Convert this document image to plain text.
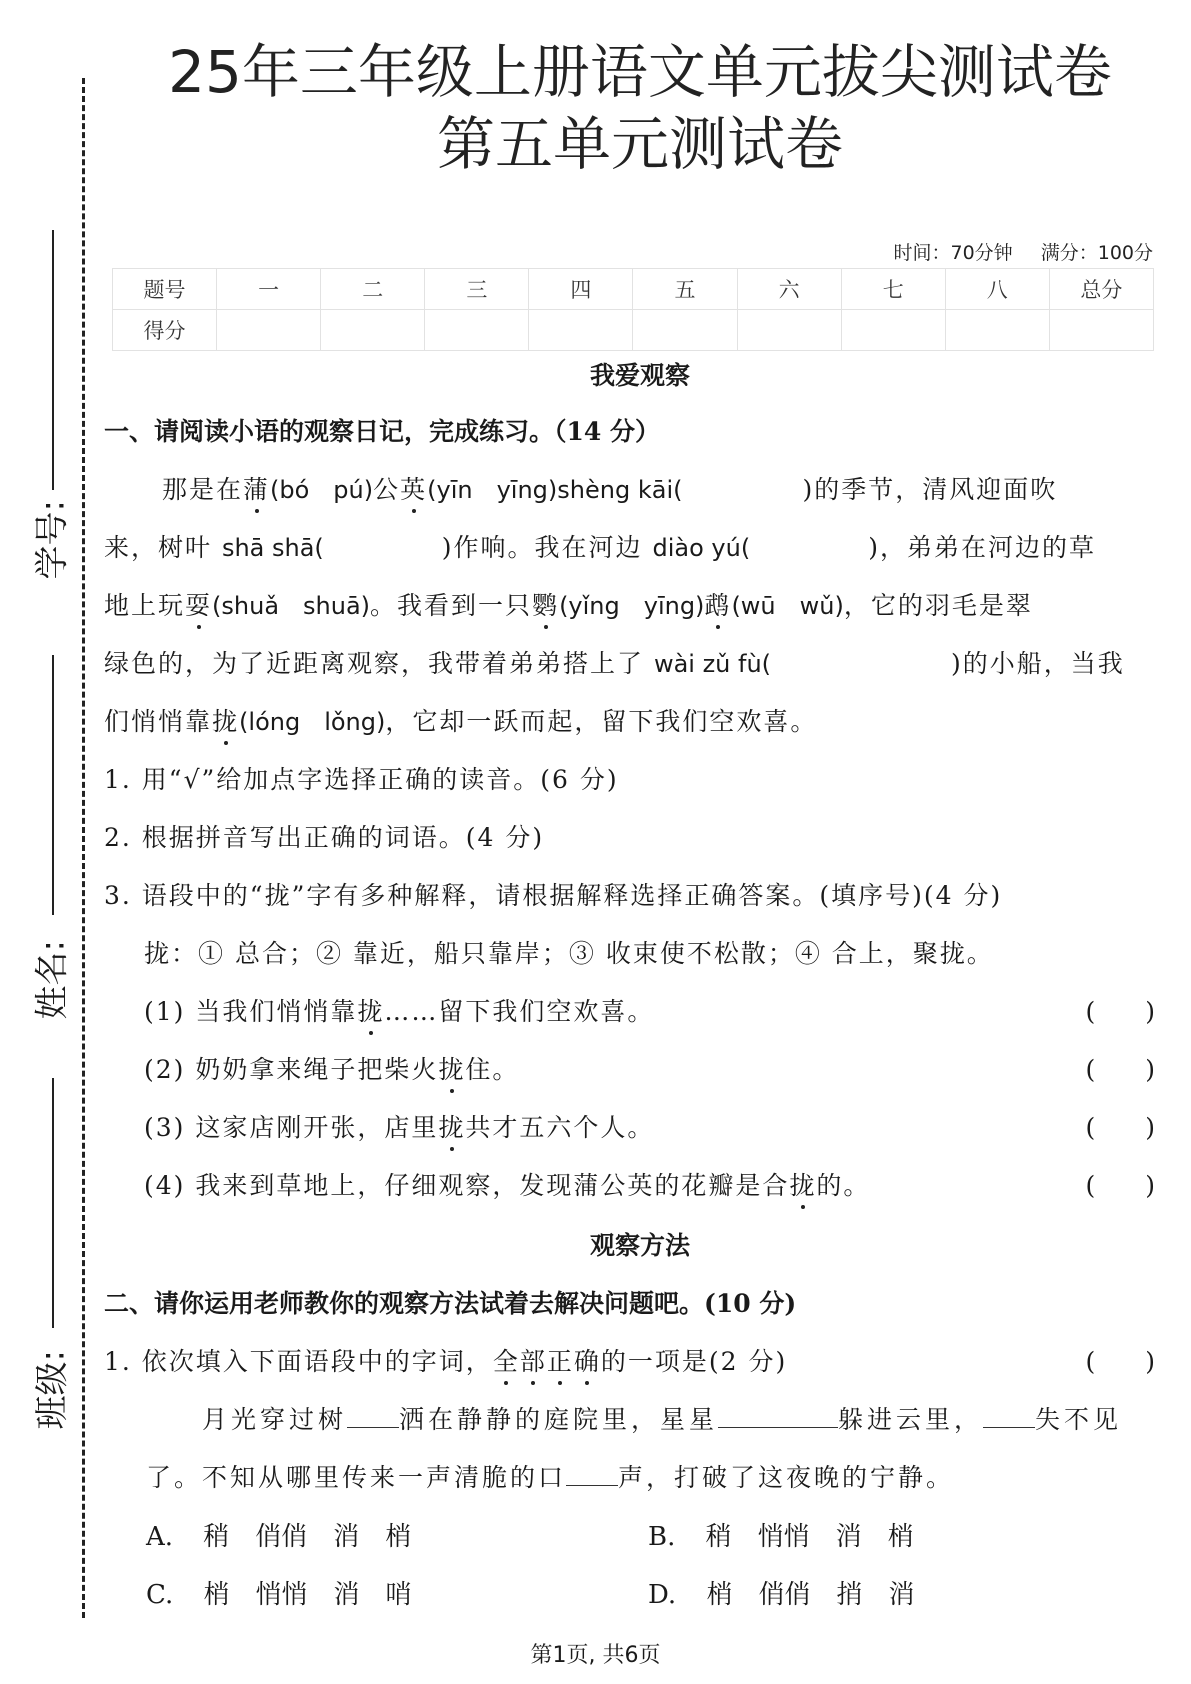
学号:
姓名:
班级:
25年三年级上册语文单元拔尖测试卷
第五单元测试卷
时间：70分钟 满分：100分
题号	一	二	三	四	五	六	七	八	总分
得分									
我爱观察
一、请阅读小语的观察日记，完成练习。（14 分）
那是在蒲(bó　pú)公英(yīn　yīng)shèng kāi(	)的季节，清风迎面吹
来，树叶 shā shā(	)作响。我在河边 diào yú(	)，弟弟在河边的草
地上玩耍(shuǎ　shuā)。我看到一只鹦(yǐng　yīng)鹉(wū　wǔ)，它的羽毛是翠
绿色的，为了近距离观察，我带着弟弟搭上了 wài zǔ fù(	)的小船，当我
们悄悄靠拢(lóng　lǒng)，它却一跃而起，留下我们空欢喜。
1. 用“√”给加点字选择正确的读音。(6 分)
2. 根据拼音写出正确的词语。(4 分)
3. 语段中的“拢”字有多种解释，请根据解释选择正确答案。(填序号)(4 分)
拢：① 总合；② 靠近，船只靠岸；③ 收束使不松散；④ 合上，聚拢。
(1) 当我们悄悄靠拢……留下我们空欢喜。	(　　)
(2) 奶奶拿来绳子把柴火拢住。	(　　)
(3) 这家店刚开张，店里拢共才五六个人。	(　　)
(4) 我来到草地上，仔细观察，发现蒲公英的花瓣是合拢的。	(　　)
观察方法
二、请你运用老师教你的观察方法试着去解决问题吧。(10 分)
1. 依次填入下面语段中的字词，全部正确的一项是(2 分)	(　　)
月光穿过树 洒在静静的庭院里，星星	躲进云里， 失不见
了。不知从哪里传来一声清脆的口 声，打破了这夜晚的宁静。
A. 稍　俏俏　消　梢	B. 稍　悄悄　消　梢
C. 梢　悄悄　消　哨	D. 梢　俏俏　捎　消
第1页, 共6页
